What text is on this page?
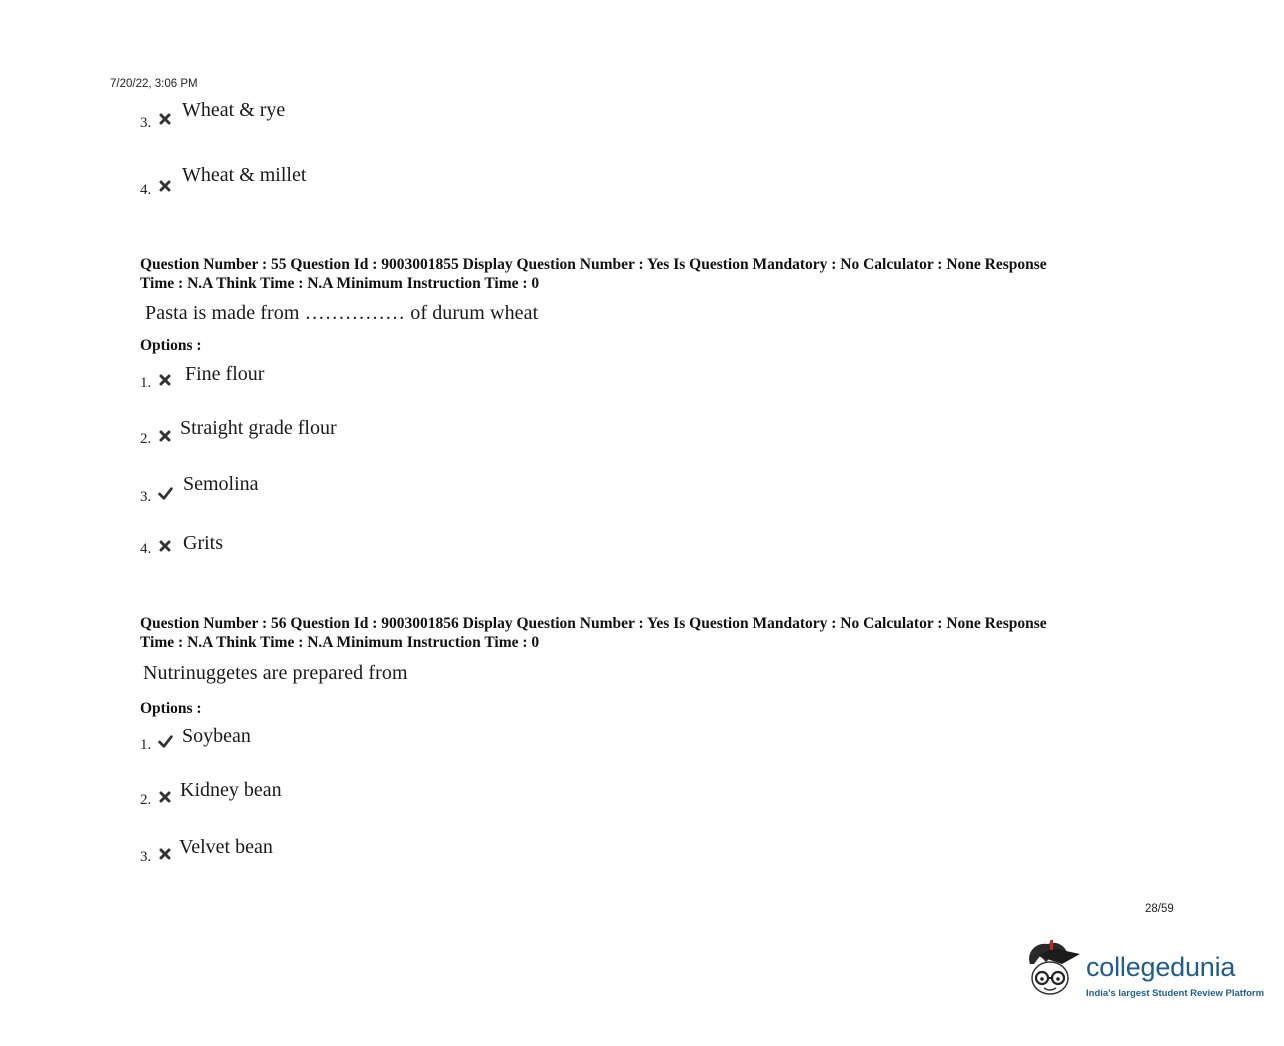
7/20/22, 3:06 PM
3.
Wheat & rye
4.
Wheat & millet
Question Number : 55 Question Id : 9003001855 Display Question Number : Yes Is Question Mandatory : No Calculator : None Response
Time : N.A Think Time : N.A Minimum Instruction Time : 0
Pasta is made from …………… of durum wheat
Options :
1. Fine flour
2. Straight grade flour
3.
Semolina
4. Grits
Question Number : 56 Question Id : 9003001856 Display Question Number : Yes Is Question Mandatory : No Calculator : None Response
Time : N.A Think Time : N.A Minimum Instruction Time : 0
Nutrinuggetes are prepared from
Options :
1. Soybean
2. Kidney bean
3. Velvet bean
28/59
collegedunia
India's largest Student Review Platform
